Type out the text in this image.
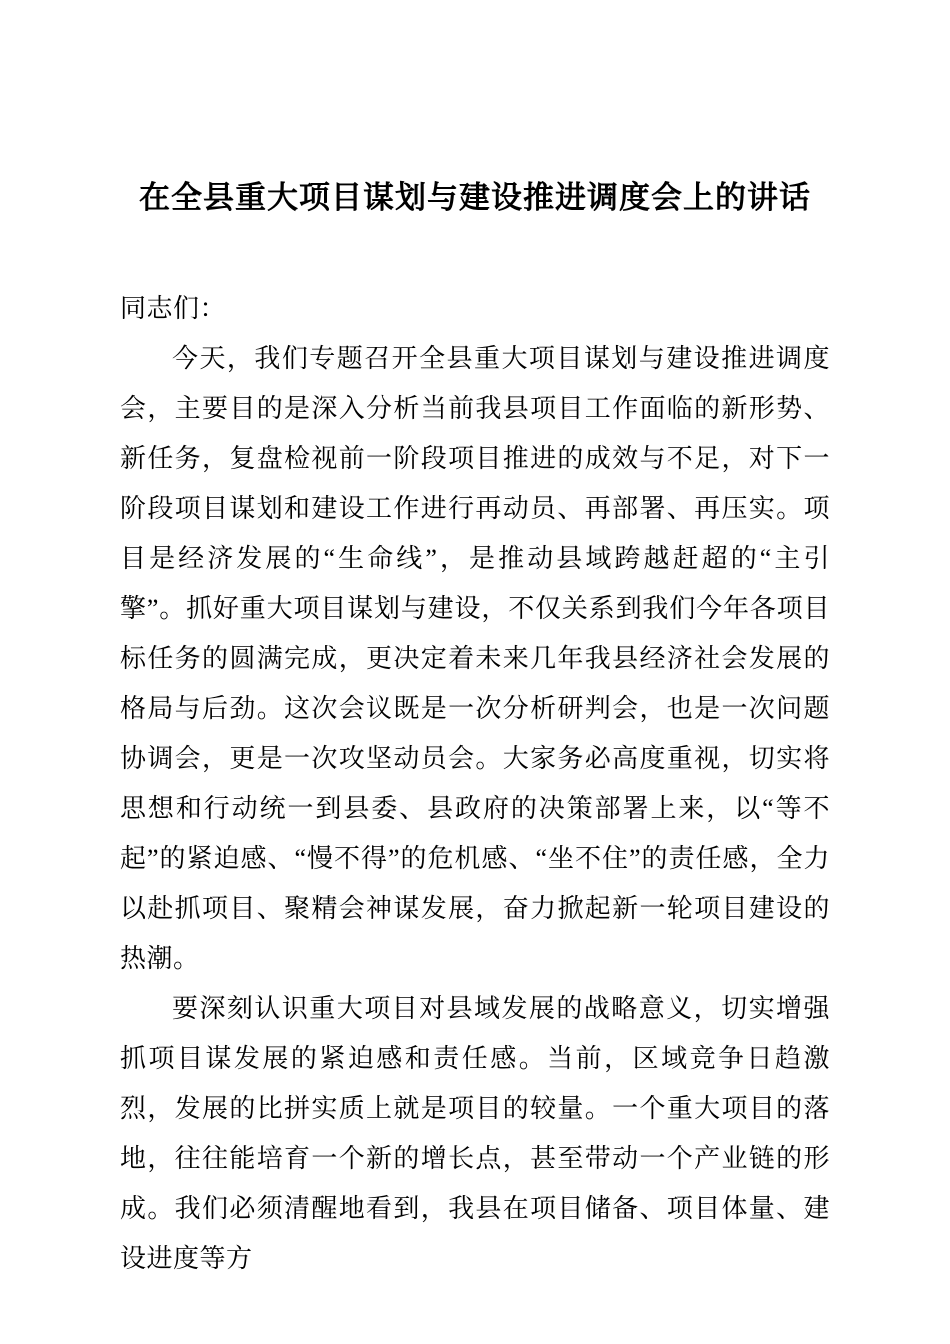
在全县重大项目谋划与建设推进调度会上的讲话

同志们：

今天，我们专题召开全县重大项目谋划与建设推进调度会，主要目的是深入分析当前我县项目工作面临的新形势、新任务，复盘检视前一阶段项目推进的成效与不足，对下一阶段项目谋划和建设工作进行再动员、再部署、再压实。项目是经济发展的“生命线”，是推动县域跨越赶超的“主引擎”。抓好重大项目谋划与建设，不仅关系到我们今年各项目标任务的圆满完成，更决定着未来几年我县经济社会发展的格局与后劲。这次会议既是一次分析研判会，也是一次问题协调会，更是一次攻坚动员会。大家务必高度重视，切实将思想和行动统一到县委、县政府的决策部署上来，以“等不起”的紧迫感、“慢不得”的危机感、“坐不住”的责任感，全力以赴抓项目、聚精会神谋发展，奋力掀起新一轮项目建设的热潮。

要深刻认识重大项目对县域发展的战略意义，切实增强抓项目谋发展的紧迫感和责任感。当前，区域竞争日趋激烈，发展的比拼实质上就是项目的较量。一个重大项目的落地，往往能培育一个新的增长点，甚至带动一个产业链的形成。我们必须清醒地看到，我县在项目储备、项目体量、建设进度等方
